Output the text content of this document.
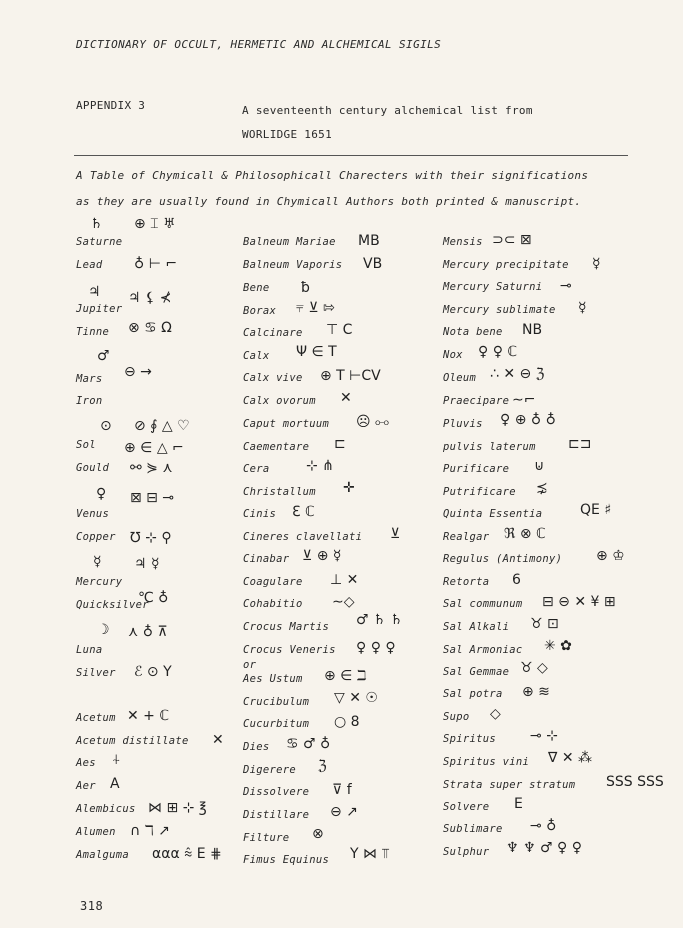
DICTIONARY OF OCCULT, HERMETIC AND ALCHEMICAL SIGILS
APPENDIX 3	A seventeenth century alchemical list from
WORLIDGE 1651
A Table of Chymicall & Philosophicall Charecters with their significations
as they are usually found in Chymicall Authors both printed & manuscript.
Saturne
Lead
Jupiter
Tinne
Mars
Iron
Sol
Gould
Venus
Copper
Mercury
Quicksilver
Luna
Silver
Acetum
Acetum distillate
Aes
Aer
Alembicus
Alumen
Amalguma
Balneum Mariae
Balneum Vaporis
Bene
Borax
Calcinare
Calx
Calx vive
Calx ovorum
Caput mortuum
Caementare
Cera
Christallum
Cinis
Cineres clavellati
Cinabar
Coagulare
Cohabitio
Crocus Martis
Crocus Veneris
or
Aes Ustum
Crucibulum
Cucurbitum
Dies
Digerere
Dissolvere
Distillare
Filture
Fimus Equinus
Mensis
Mercury precipitate
Mercury Saturni
Mercury sublimate
Nota bene
Nox
Oleum
Praecipare
Pluvis
pulvis laterum
Purificare
Putrificare
Quinta Essentia
Realgar
Regulus (Antimony)
Retorta
Sal communum
Sal Alkali
Sal Armoniac
Sal Gemmae
Sal potra
Supo
Spiritus
Spiritus vini
Strata super stratum
Solvere
Sublimare
Sulphur
318
♄ ⊕ ⌶ ♅
♁ ⊢ ⌐
♃ ♃ ⚸ ⊀
⊗ ♋ Ω
♂
⊖ →
⊙ ⊘ ∮ △ ♡
⊕ ∈ △ ⌐
⚯ ⋟ ⋏
♀ ⊠ ⊟ ⊸
℧ ⊹ ⚲
☿ ♃ ☿
℃ ♁
☽ ⋏ ♁ ⊼
ℰ ⊙ Y
✕ + ℂ
✕
⍭
A
⋈ ⊞ ⊹ ℥
∩ ℸ ↗
ααα ⩯ E ⋕
MB
VB
ƀ
⫧ ⊻ ⇰
⊤ C
Ψ ∈ T
⊕ T ⊢CV
✕
☹ ⧟
⊏
⊹ ⋔
✛
ℇ ℂ
⊻
⊻ ⊕ ☿
⊥ ✕
∼◇
♂ ♄ ♄
♀ ♀ ♀
⊕ ∈ ℶ
▽ ✕ ☉
○ 8
♋ ♂ ♁
ℨ
⊽ f
⊖ ↗
⊗
Y ⋈ ⫪
⊃⊂ ⊠
☿
⊸
☿
NB
♀ ♀ ℂ
∴ ✕ ⊖ ℨ
∼⌐
♀ ⊕ ♁ ♁
⊏⊐
⊍
⋨
QE ♯
ℜ ⊗ ℂ
⊕ ♔
6
⊟ ⊖ ✕ ¥ ⊞
♉ ⊡
✳ ✿
♉ ◇
⊕ ≋
◇
⊸ ⊹
∇ ✕ ⁂
SSS SSS
E
⊸ ♁
♆ ♆ ♂ ♀ ♀
